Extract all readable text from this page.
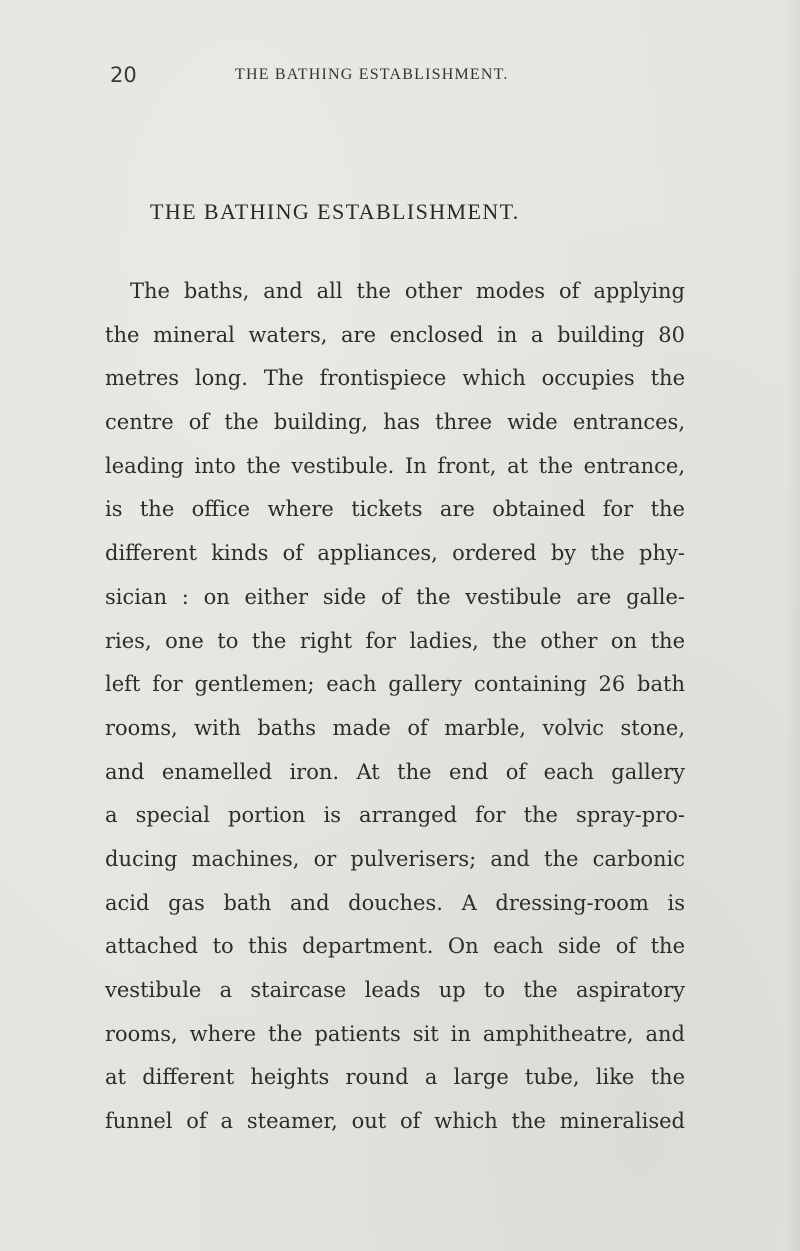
20	THE BATHING ESTABLISHMENT.
THE BATHING ESTABLISHMENT.
The baths, and all the other modes of applying
the mineral waters, are enclosed in a building 80
metres long. The frontispiece which occupies the
centre of the building, has three wide entrances,
leading into the vestibule. In front, at the entrance,
is the office where tickets are obtained for the
different kinds of appliances, ordered by the phy-
sician : on either side of the vestibule are galle-
ries, one to the right for ladies, the other on the
left for gentlemen; each gallery containing 26 bath
rooms, with baths made of marble, volvic stone,
and enamelled iron. At the end of each gallery
a special portion is arranged for the spray-pro-
ducing machines, or pulverisers; and the carbonic
acid gas bath and douches. A dressing-room is
attached to this department. On each side of the
vestibule a staircase leads up to the aspiratory
rooms, where the patients sit in amphitheatre, and
at different heights round a large tube, like the
funnel of a steamer, out of which the mineralised
